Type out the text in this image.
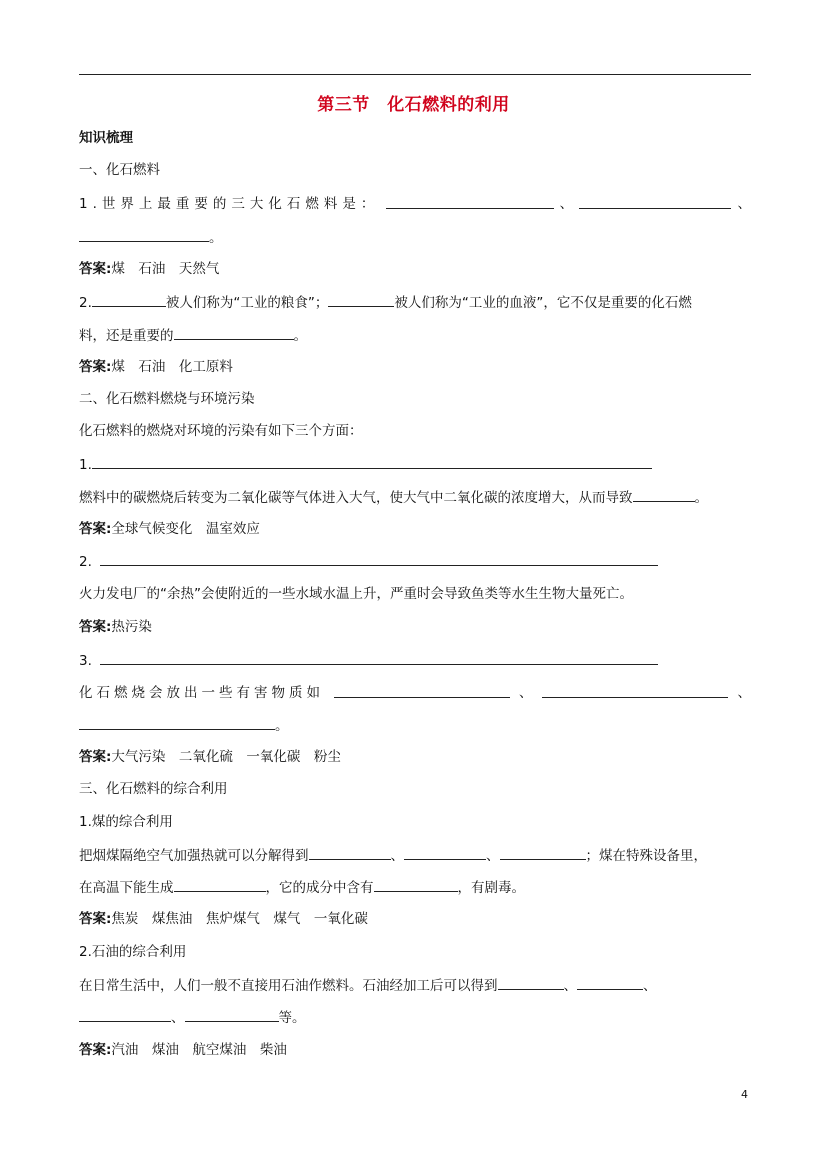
第三节　化石燃料的利用
知识梳理
一、化石燃料
1.世界上最重要的三大化石燃料是：	、	、
。
答案:煤　石油　天然气
2.	被人们称为“工业的粮食”；	被人们称为“工业的血液”，它不仅是重要的化石燃
料，还是重要的	。
答案:煤　石油　化工原料
二、化石燃料燃烧与环境污染
化石燃料的燃烧对环境的污染有如下三个方面：
1.
燃料中的碳燃烧后转变为二氧化碳等气体进入大气，使大气中二氧化碳的浓度增大，从而导致	。
答案:全球气候变化　温室效应
2.
火力发电厂的“余热”会使附近的一些水域水温上升，严重时会导致鱼类等水生生物大量死亡。
答案:热污染
3.
化石燃烧会放出一些有害物质如	、	、
。
答案:大气污染　二氧化硫　一氧化碳　粉尘
三、化石燃料的综合利用
1.煤的综合利用
把烟煤隔绝空气加强热就可以分解得到	、	、	；煤在特殊设备里，
在高温下能生成	，它的成分中含有	，有剧毒。
答案:焦炭　煤焦油　焦炉煤气　煤气　一氧化碳
2.石油的综合利用
在日常生活中，人们一般不直接用石油作燃料。石油经加工后可以得到	、	、
、	等。
答案:汽油　煤油　航空煤油　柴油
4
